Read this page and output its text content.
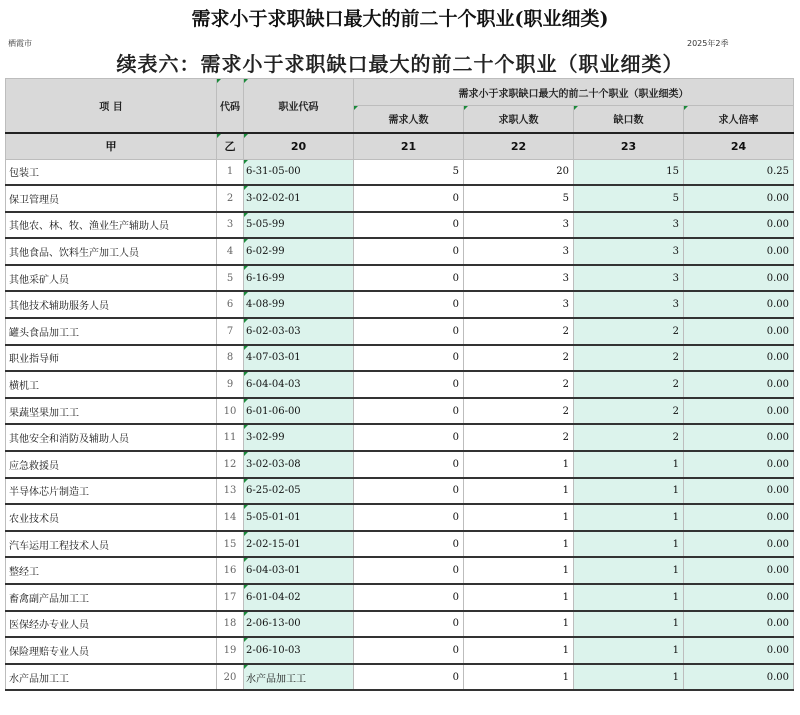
需求小于求职缺口最大的前二十个职业(职业细类)
栖霞市	2025年2季
续表六：需求小于求职缺口最大的前二十个职业（职业细类）
项 目	代码	职业代码	需求小于求职缺口最大的前二十个职业（职业细类）			
			需求人数	求职人数	缺口数	求人倍率
甲	乙	20	21	22	23	24
包装工	1	6-31-05-00	5	20	15	0.25
保卫管理员	2	3-02-02-01	0	5	5	0.00
其他农、林、牧、渔业生产辅助人员	3	5-05-99	0	3	3	0.00
其他食品、饮料生产加工人员	4	6-02-99	0	3	3	0.00
其他采矿人员	5	6-16-99	0	3	3	0.00
其他技术辅助服务人员	6	4-08-99	0	3	3	0.00
罐头食品加工工	7	6-02-03-03	0	2	2	0.00
职业指导师	8	4-07-03-01	0	2	2	0.00
横机工	9	6-04-04-03	0	2	2	0.00
果蔬坚果加工工	10	6-01-06-00	0	2	2	0.00
其他安全和消防及辅助人员	11	3-02-99	0	2	2	0.00
应急救援员	12	3-02-03-08	0	1	1	0.00
半导体芯片制造工	13	6-25-02-05	0	1	1	0.00
农业技术员	14	5-05-01-01	0	1	1	0.00
汽车运用工程技术人员	15	2-02-15-01	0	1	1	0.00
整经工	16	6-04-03-01	0	1	1	0.00
畜禽副产品加工工	17	6-01-04-02	0	1	1	0.00
医保经办专业人员	18	2-06-13-00	0	1	1	0.00
保险理赔专业人员	19	2-06-10-03	0	1	1	0.00
水产品加工工	20	水产品加工工	0	1	1	0.00
